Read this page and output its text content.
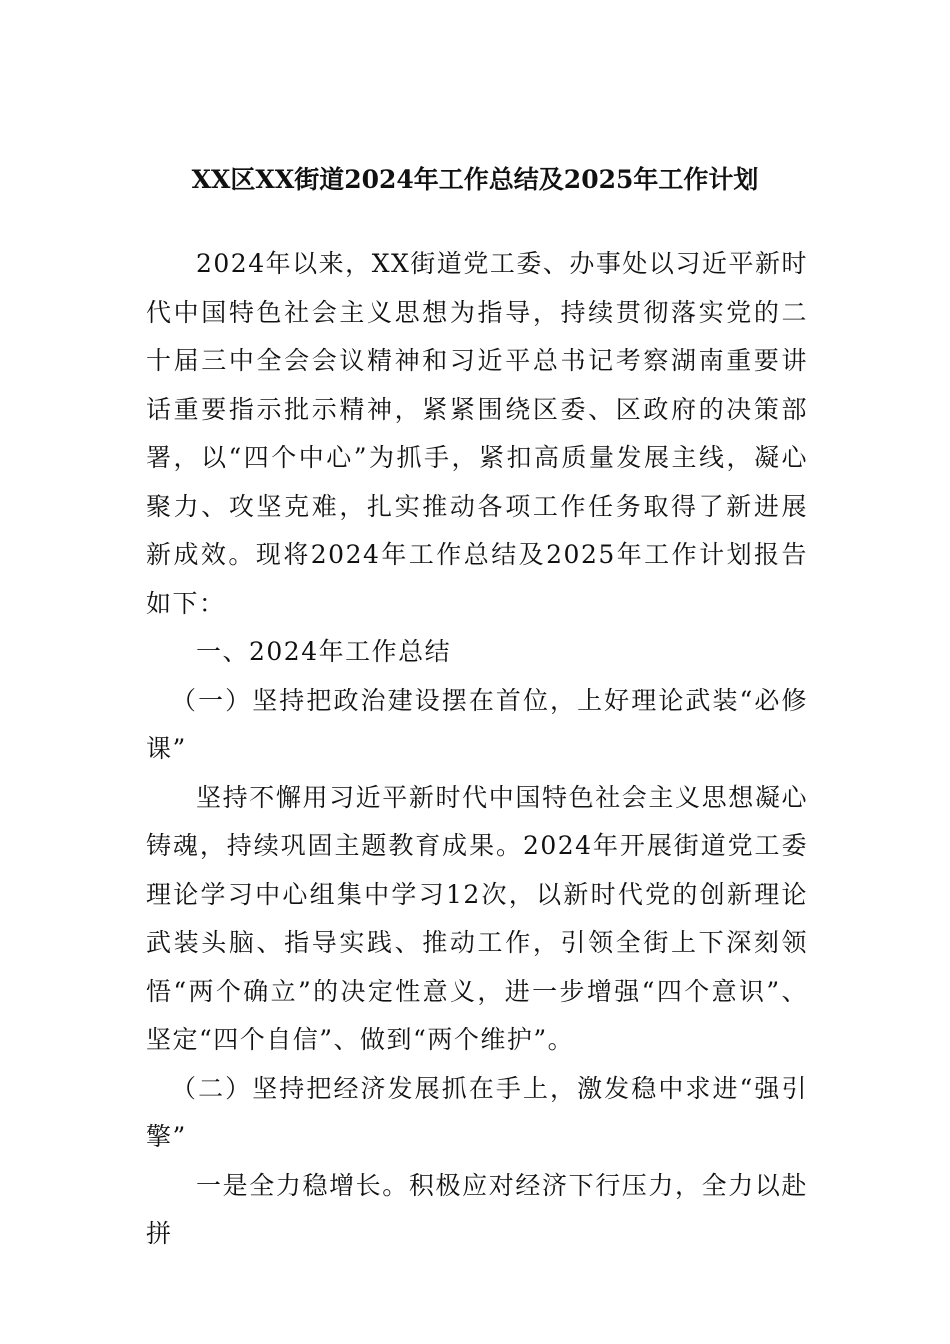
XX区XX街道2024年工作总结及2025年工作计划

2024年以来，XX街道党工委、办事处以习近平新时代中国特色社会主义思想为指导，持续贯彻落实党的二十届三中全会会议精神和习近平总书记考察湖南重要讲话重要指示批示精神，紧紧围绕区委、区政府的决策部署，以“四个中心”为抓手，紧扣高质量发展主线，凝心聚力、攻坚克难，扎实推动各项工作任务取得了新进展新成效。现将2024年工作总结及2025年工作计划报告如下：

一、2024年工作总结

（一）坚持把政治建设摆在首位，上好理论武装“必修课”

坚持不懈用习近平新时代中国特色社会主义思想凝心铸魂，持续巩固主题教育成果。2024年开展街道党工委理论学习中心组集中学习12次，以新时代党的创新理论武装头脑、指导实践、推动工作，引领全街上下深刻领悟“两个确立”的决定性意义，进一步增强“四个意识”、坚定“四个自信”、做到“两个维护”。

（二）坚持把经济发展抓在手上，激发稳中求进“强引擎”

一是全力稳增长。积极应对经济下行压力，全力以赴拼
